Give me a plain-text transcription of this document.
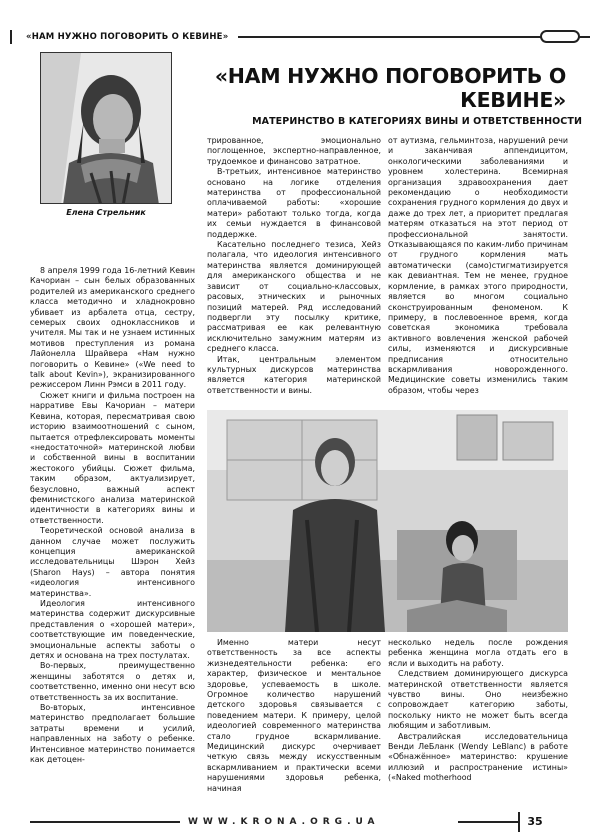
«НАМ НУЖНО ПОГОВОРИТЬ О КЕВИНЕ»
Елена Стрельник
«НАМ НУЖНО ПОГОВОРИТЬ О КЕВИНЕ»
МАТЕРИНСТВО В КАТЕГОРИЯХ ВИНЫ И ОТВЕТСТВЕННОСТИ

8 апреля 1999 года 16-летний Кевин Качориан – сын белых образованных родителей из американского среднего класса методично и хладнокровно убивает из арбалета отца, сестру, семерых своих одноклассников и учителя. Мы так и не узнаем истинных мотивов преступления из романа Лайонелла Шрайвера «Нам нужно поговорить о Кевине» («We need to talk about Kevin»), экранизированного режиссером Линн Рэмси в 2011 году.

Сюжет книги и фильма построен на нарративе Евы Качориан – матери Кевина, которая, пересматривая свою историю взаимоотношений с сыном, пытается отрефлексировать моменты «недостаточной» материнской любви и собственной вины в воспитании жестокого убийцы. Сюжет фильма, таким образом, актуализирует, безусловно, важный аспект феминистского анализа материнской идентичности в категориях вины и ответственности.

Теоретической основой анализа в данном случае может послужить концепция американской исследовательницы Шэрон Хейз (Sharon Hays) – автора понятия «идеология интенсивного материнства».

Идеология интенсивного материнства содержит дискурсивные представления о «хорошей матери», соответствующие им поведенческие, эмоциональные аспекты заботы о детях и основана на трех постулатах.

Во-первых, преимущественно женщины заботятся о детях и, соответственно, именно они несут всю ответственность за их воспитание.

Во-вторых, интенсивное материнство предполагает большие затраты времени и усилий, направленных на заботу о ребенке. Интенсивное материнство понимается как детоцен-

трированное, эмоционально поглощенное, экспертно-направленное, трудоемкое и финансово затратное.

В-третьих, интенсивное материнство основано на логике отделения материнства от профессиональной оплачиваемой работы: «хорошие матери» работают только тогда, когда их семьи нуждается в финансовой поддержке.

Касательно последнего тезиса, Хейз полагала, что идеология интенсивного материнства является доминирующей для американского общества и не зависит от социально-классовых, расовых, этнических и рыночных позиций матерей. Ряд исследований подвергли эту посылку критике, рассматривая ее как релевантную исключительно замужним матерям из среднего класса.

Итак, центральным элементом культурных дискурсов материнства является категория материнской ответственности и вины.

от аутизма, гельминтоза, нарушений речи и заканчивая аппендицитом, онкологическими заболеваниями и уровнем холестерина. Всемирная организация здравоохранения дает рекомендацию о необходимости сохранения грудного кормления до двух и даже до трех лет, а приоритет предлагая матерям отказаться на этот период от профессиональной занятости. Отказывающаяся по каким-либо причинам от грудного кормления мать автоматически (само)стигматизируется как девиантная. Тем не менее, грудное кормление, в рамках этого природности, является во многом социально сконструированным феноменом. К примеру, в послевоенное время, когда советская экономика требовала активного вовлечения женской рабочей силы, изменяются и дискурсивные предписания относительно вскармливания новорожденного. Медицинские советы изменились таким образом, чтобы через

Именно матери несут ответственность за все аспекты жизнедеятельности ребенка: его характер, физическое и ментальное здоровье, успеваемость в школе. Огромное количество нарушений детского здоровья связывается с поведением матери. К примеру, целой идеологией современного материнства стало грудное вскармливание. Медицинский дискурс очерчивает четкую связь между искусственным вскармливанием и практически всеми нарушениями здоровья ребенка, начиная

несколько недель после рождения ребенка женщина могла отдать его в ясли и выходить на работу.

Следствием доминирующего дискурса материнской ответственности является чувство вины. Оно неизбежно сопровождает категорию заботы, поскольку никто не может быть всегда любящим и заботливым.

Австралийская исследовательница Венди ЛеБланк (Wendy LeBlanc) в работе «Обнажённое» материнство: крушение иллюзий и распространение истины» («Naked motherhood

WWW.KRONA.ORG.UA	35
